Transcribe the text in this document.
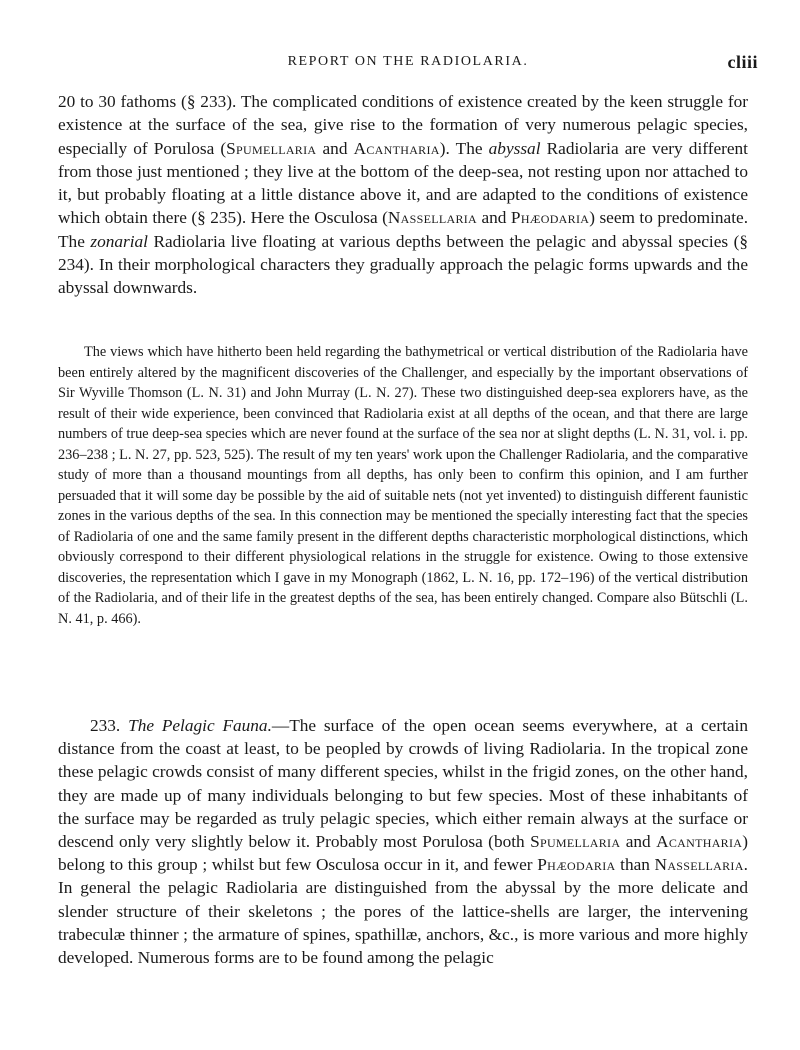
REPORT ON THE RADIOLARIA.	cliii

20 to 30 fathoms (§ 233). The complicated conditions of existence created by the keen struggle for existence at the surface of the sea, give rise to the formation of very numerous pelagic species, especially of Porulosa (Spumellaria and Acantharia). The abyssal Radiolaria are very different from those just mentioned ; they live at the bottom of the deep-sea, not resting upon nor attached to it, but probably floating at a little distance above it, and are adapted to the conditions of existence which obtain there (§ 235). Here the Osculosa (Nassellaria and Phæodaria) seem to predominate. The zonarial Radiolaria live floating at various depths between the pelagic and abyssal species (§ 234). In their morphological characters they gradually approach the pelagic forms upwards and the abyssal downwards.

The views which have hitherto been held regarding the bathymetrical or vertical distribution of the Radiolaria have been entirely altered by the magnificent discoveries of the Challenger, and especially by the important observations of Sir Wyville Thomson (L. N. 31) and John Murray (L. N. 27). These two distinguished deep-sea explorers have, as the result of their wide experience, been convinced that Radiolaria exist at all depths of the ocean, and that there are large numbers of true deep-sea species which are never found at the surface of the sea nor at slight depths (L. N. 31, vol. i. pp. 236–238 ; L. N. 27, pp. 523, 525). The result of my ten years' work upon the Challenger Radiolaria, and the comparative study of more than a thousand mountings from all depths, has only been to confirm this opinion, and I am further persuaded that it will some day be possible by the aid of suitable nets (not yet invented) to distinguish different faunistic zones in the various depths of the sea. In this connection may be mentioned the specially interesting fact that the species of Radiolaria of one and the same family present in the different depths characteristic morphological distinctions, which obviously correspond to their different physiological relations in the struggle for existence. Owing to those extensive discoveries, the representation which I gave in my Monograph (1862, L. N. 16, pp. 172–196) of the vertical distribution of the Radiolaria, and of their life in the greatest depths of the sea, has been entirely changed. Compare also Bütschli (L. N. 41, p. 466).

233. The Pelagic Fauna.—The surface of the open ocean seems everywhere, at a certain distance from the coast at least, to be peopled by crowds of living Radiolaria. In the tropical zone these pelagic crowds consist of many different species, whilst in the frigid zones, on the other hand, they are made up of many individuals belonging to but few species. Most of these inhabitants of the surface may be regarded as truly pelagic species, which either remain always at the surface or descend only very slightly below it. Probably most Porulosa (both Spumellaria and Acantharia) belong to this group ; whilst but few Osculosa occur in it, and fewer Phæodaria than Nassellaria. In general the pelagic Radiolaria are distinguished from the abyssal by the more delicate and slender structure of their skeletons ; the pores of the lattice-shells are larger, the intervening trabeculæ thinner ; the armature of spines, spathillæ, anchors, &c., is more various and more highly developed. Numerous forms are to be found among the pelagic
